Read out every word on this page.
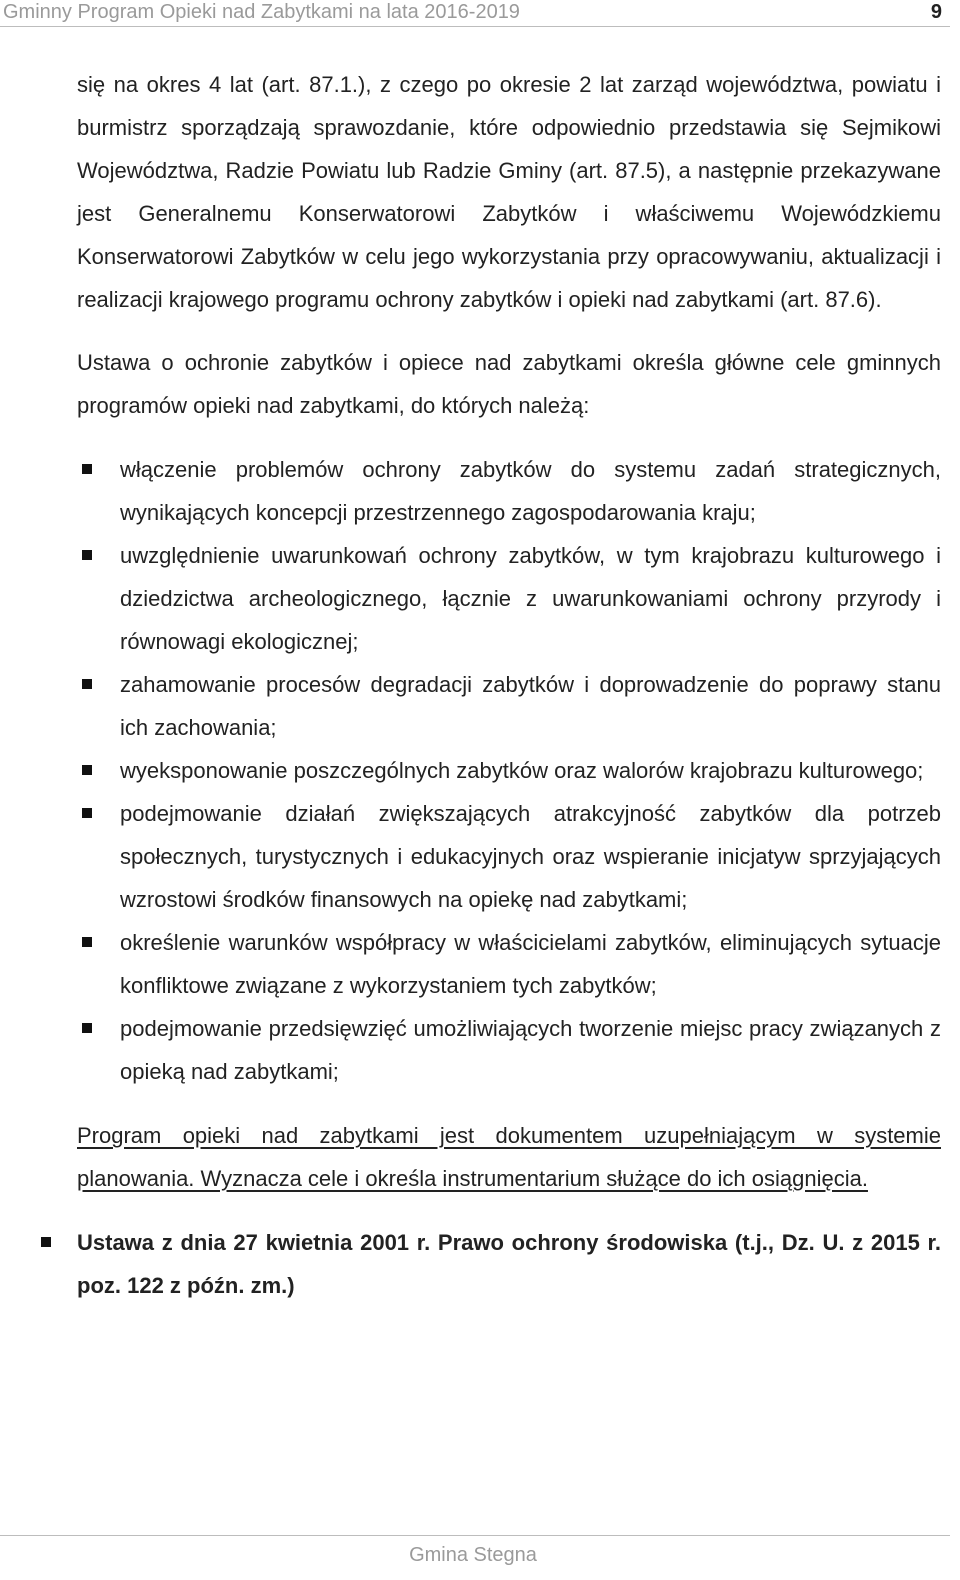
Gminny Program Opieki nad Zabytkami na lata 2016-2019	9

się na okres 4 lat (art. 87.1.), z czego po okresie 2 lat zarząd województwa, powiatu i burmistrz sporządzają sprawozdanie, które odpowiednio przedstawia się Sejmikowi Województwa, Radzie Powiatu lub Radzie Gminy (art. 87.5), a następnie przekazywane jest Generalnemu Konserwatorowi Zabytków i właściwemu Wojewódzkiemu Konserwatorowi Zabytków w celu jego wykorzystania przy opracowywaniu, aktualizacji i realizacji krajowego programu ochrony zabytków i opieki nad zabytkami (art. 87.6).

Ustawa o ochronie zabytków i opiece nad zabytkami określa główne cele gminnych programów opieki nad zabytkami, do których należą:

włączenie problemów ochrony zabytków do systemu zadań strategicznych, wynikających koncepcji przestrzennego zagospodarowania kraju;
uwzględnienie uwarunkowań ochrony zabytków, w tym krajobrazu kulturowego i dziedzictwa archeologicznego, łącznie z uwarunkowaniami ochrony przyrody i równowagi ekologicznej;
zahamowanie procesów degradacji zabytków i doprowadzenie do poprawy stanu ich zachowania;
wyeksponowanie poszczególnych zabytków oraz walorów krajobrazu kulturowego;
podejmowanie działań zwiększających atrakcyjność zabytków dla potrzeb społecznych, turystycznych i edukacyjnych oraz wspieranie inicjatyw sprzyjających wzrostowi środków finansowych na opiekę nad zabytkami;
określenie warunków współpracy w właścicielami zabytków, eliminujących sytuacje konfliktowe związane z wykorzystaniem tych zabytków;
podejmowanie przedsięwzięć umożliwiających tworzenie miejsc pracy związanych z opieką nad zabytkami;

Program opieki nad zabytkami jest dokumentem uzupełniającym w systemie planowania. Wyznacza cele i określa instrumentarium służące do ich osiągnięcia.

Ustawa z dnia 27 kwietnia 2001 r. Prawo ochrony środowiska (t.j., Dz. U. z 2015 r. poz. 122 z późn. zm.)
Gmina Stegna
